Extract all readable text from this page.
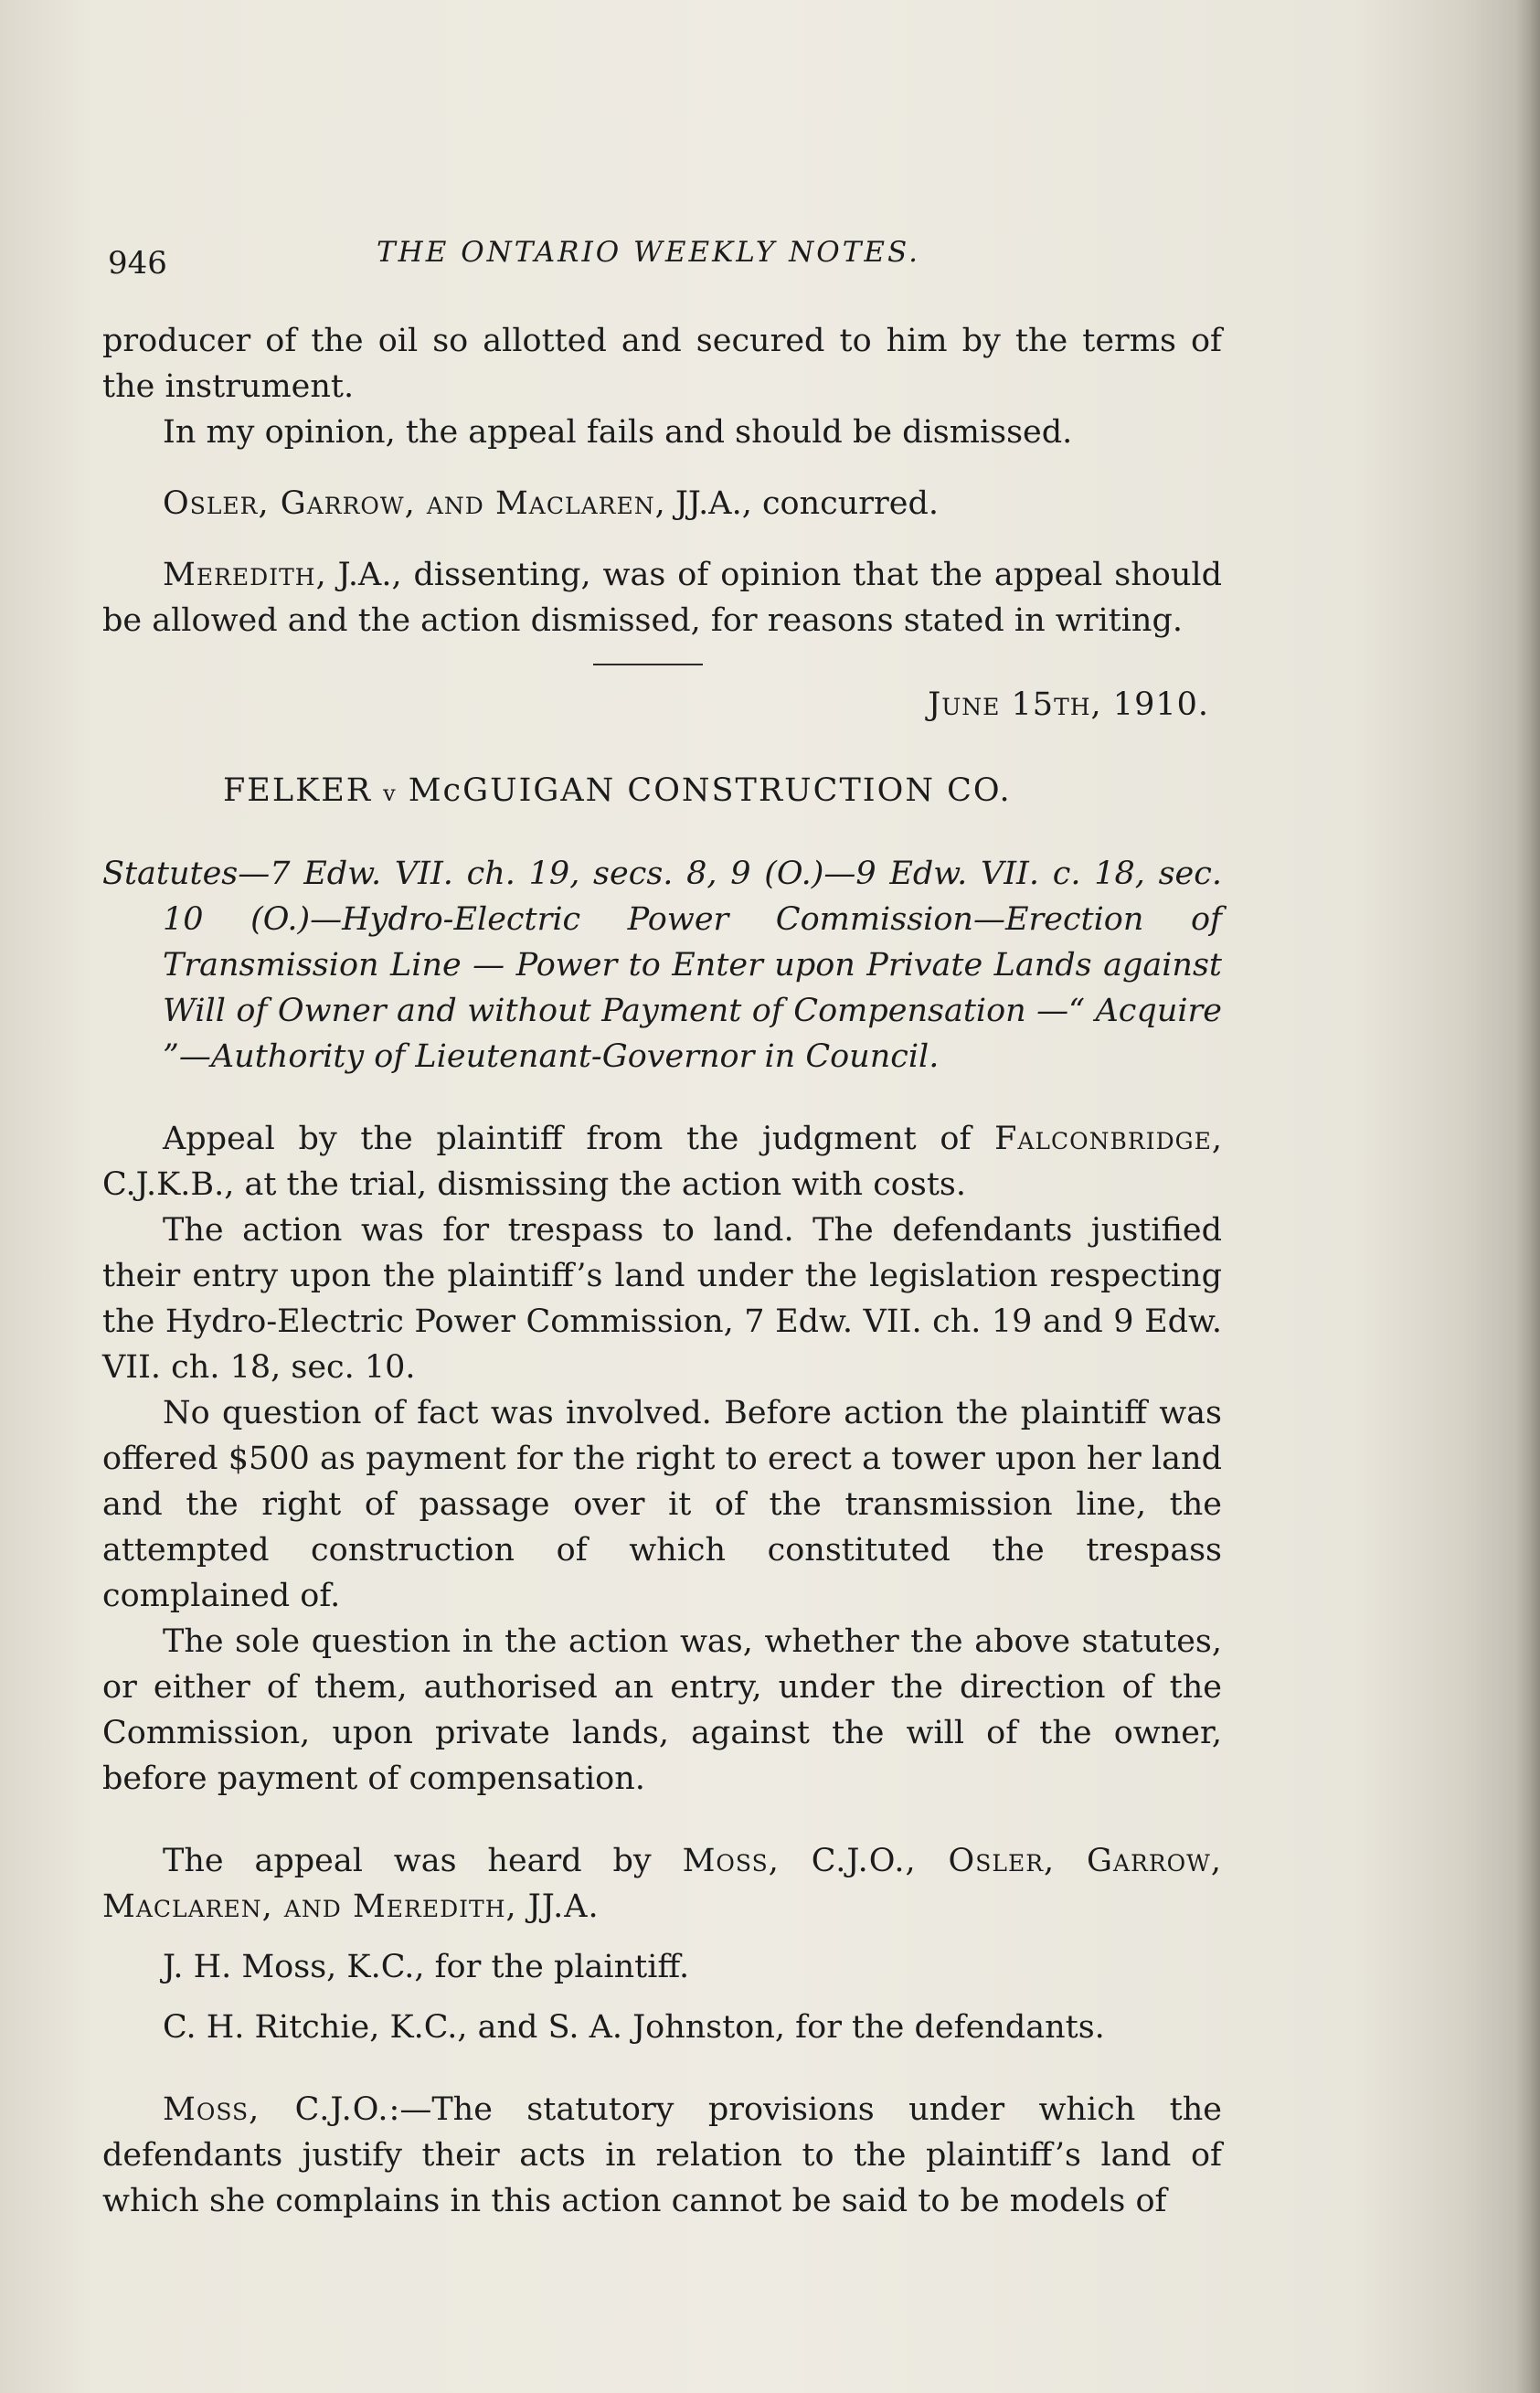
946	THE ONTARIO WEEKLY NOTES.

producer of the oil so allotted and secured to him by the terms of the instrument.

In my opinion, the appeal fails and should be dismissed.

Osler, Garrow, and Maclaren, JJ.A., concurred.

Meredith, J.A., dissenting, was of opinion that the appeal should be allowed and the action dismissed, for reasons stated in writing.

June 15th, 1910.
FELKER v McGUIGAN CONSTRUCTION CO.
Statutes—7 Edw. VII. ch. 19, secs. 8, 9 (O.)—9 Edw. VII. c. 18, sec. 10 (O.)—Hydro-Electric Power Commission—Erection of Transmission Line — Power to Enter upon Private Lands against Will of Owner and without Payment of Compensation —“ Acquire ”—Authority of Lieutenant-Governor in Council.

Appeal by the plaintiff from the judgment of Falconbridge, C.J.K.B., at the trial, dismissing the action with costs.

The action was for trespass to land. The defendants justified their entry upon the plaintiff’s land under the legislation respecting the Hydro-Electric Power Commission, 7 Edw. VII. ch. 19 and 9 Edw. VII. ch. 18, sec. 10.

No question of fact was involved. Before action the plaintiff was offered $500 as payment for the right to erect a tower upon her land and the right of passage over it of the transmission line, the attempted construction of which constituted the trespass complained of.

The sole question in the action was, whether the above statutes, or either of them, authorised an entry, under the direction of the Commission, upon private lands, against the will of the owner, before payment of compensation.

The appeal was heard by Moss, C.J.O., Osler, Garrow, Maclaren, and Meredith, JJ.A.

J. H. Moss, K.C., for the plaintiff.

C. H. Ritchie, K.C., and S. A. Johnston, for the defendants.

Moss, C.J.O.:—The statutory provisions under which the defendants justify their acts in relation to the plaintiff’s land of which she complains in this action cannot be said to be models of
